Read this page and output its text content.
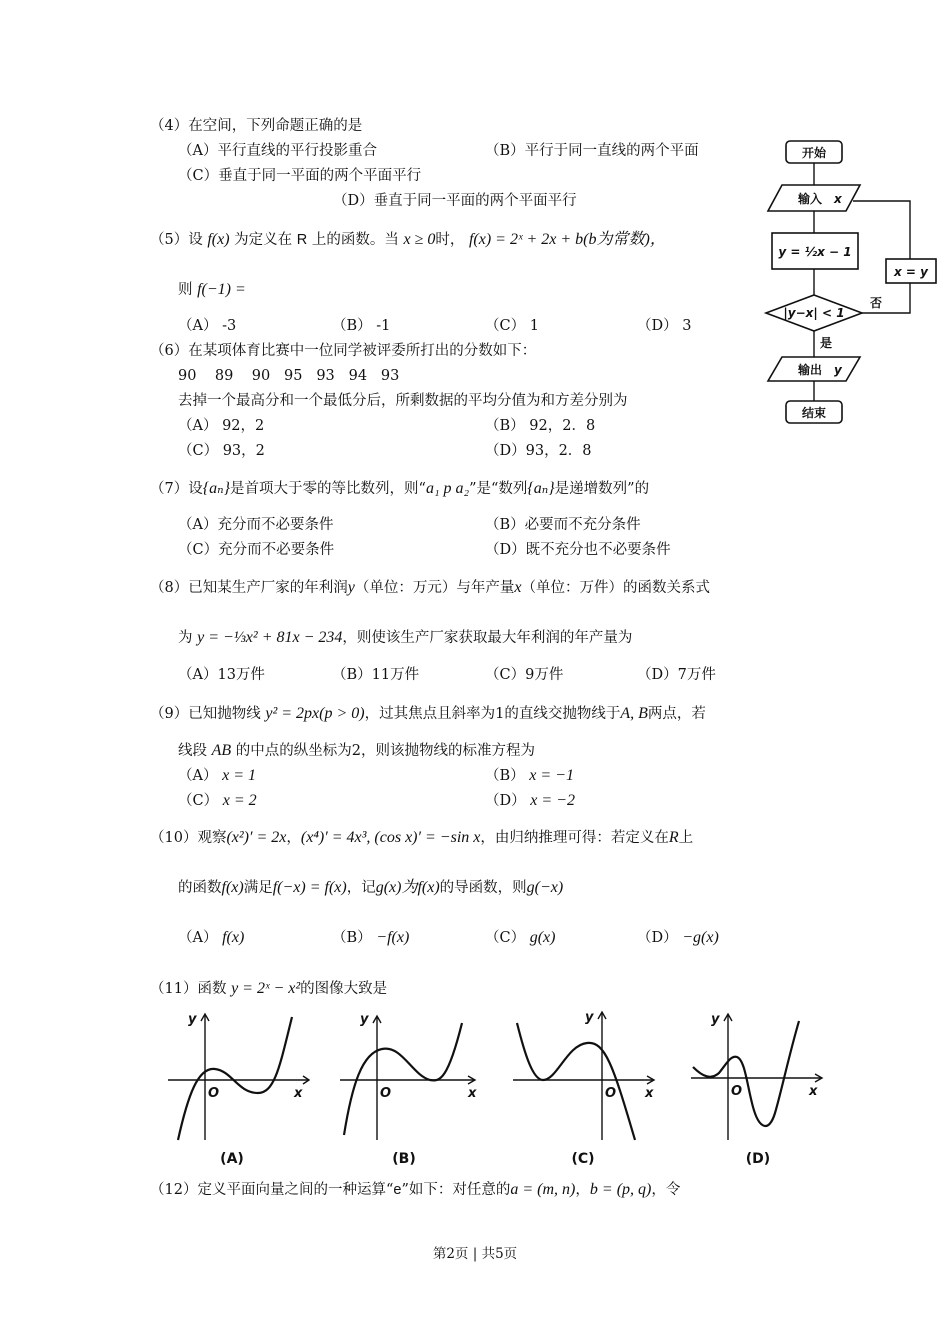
（4）在空间，下列命题正确的是
（A）平行直线的平行投影重合	（B）平行于同一直线的两个平面
（C）垂直于同一平面的两个平面平行
（D）垂直于同一平面的两个平面平行
（5）设 f(x) 为定义在 R 上的函数。当 x ≥ 0时， f(x) = 2ˣ + 2x + b(b为常数)，
则 f(−1) =
（A） -3	（B） -1	（C） 1	（D） 3
开始
输入 x
y = ½x − 1
|y−x| < 1
x = y
否
是
输出 y
结束
（6）在某项体育比赛中一位同学被评委所打出的分数如下：
90    89    90   95   93   94   93
去掉一个最高分和一个最低分后，所剩数据的平均分值为和方差分别为
（A） 92，2	（B） 92，2．8
（C） 93，2	（D）93，2．8
（7）设{aₙ}是首项大于零的等比数列，则“a₁ p a₂”是“数列{aₙ}是递增数列”的
（A）充分而不必要条件	（B）必要而不充分条件
（C）充分而不必要条件	（D）既不充分也不必要条件
（8）已知某生产厂家的年利润y（单位：万元）与年产量x（单位：万件）的函数关系式
为 y = −⅓x² + 81x − 234，则使该生产厂家获取最大年利润的年产量为
（A）13万件	（B）11万件	（C）9万件	（D）7万件
（9）已知抛物线 y² = 2px(p > 0)，过其焦点且斜率为1的直线交抛物线于A, B两点，若
线段 AB 的中点的纵坐标为2，则该抛物线的标准方程为
（A） x = 1	（B） x = −1
（C） x = 2	（D） x = −2
（10）观察(x²)′ = 2x，(x⁴)′ = 4x³, (cos x)′ = −sin x，由归纳推理可得：若定义在R上
的函数f(x)满足f(−x) = f(x)，记g(x)为f(x)的导函数，则g(−x)
（A） f(x)	（B） −f(x)	（C） g(x)	（D） −g(x)
（11）函数 y = 2ˣ − x²的图像大致是
y
x
O
(A)
y
x
O
(B)
y
x
O
(C)
y
x
O
(D)
（12）定义平面向量之间的一种运算“e”如下：对任意的a = (m, n)，b = (p, q)，令
第2页 | 共5页
